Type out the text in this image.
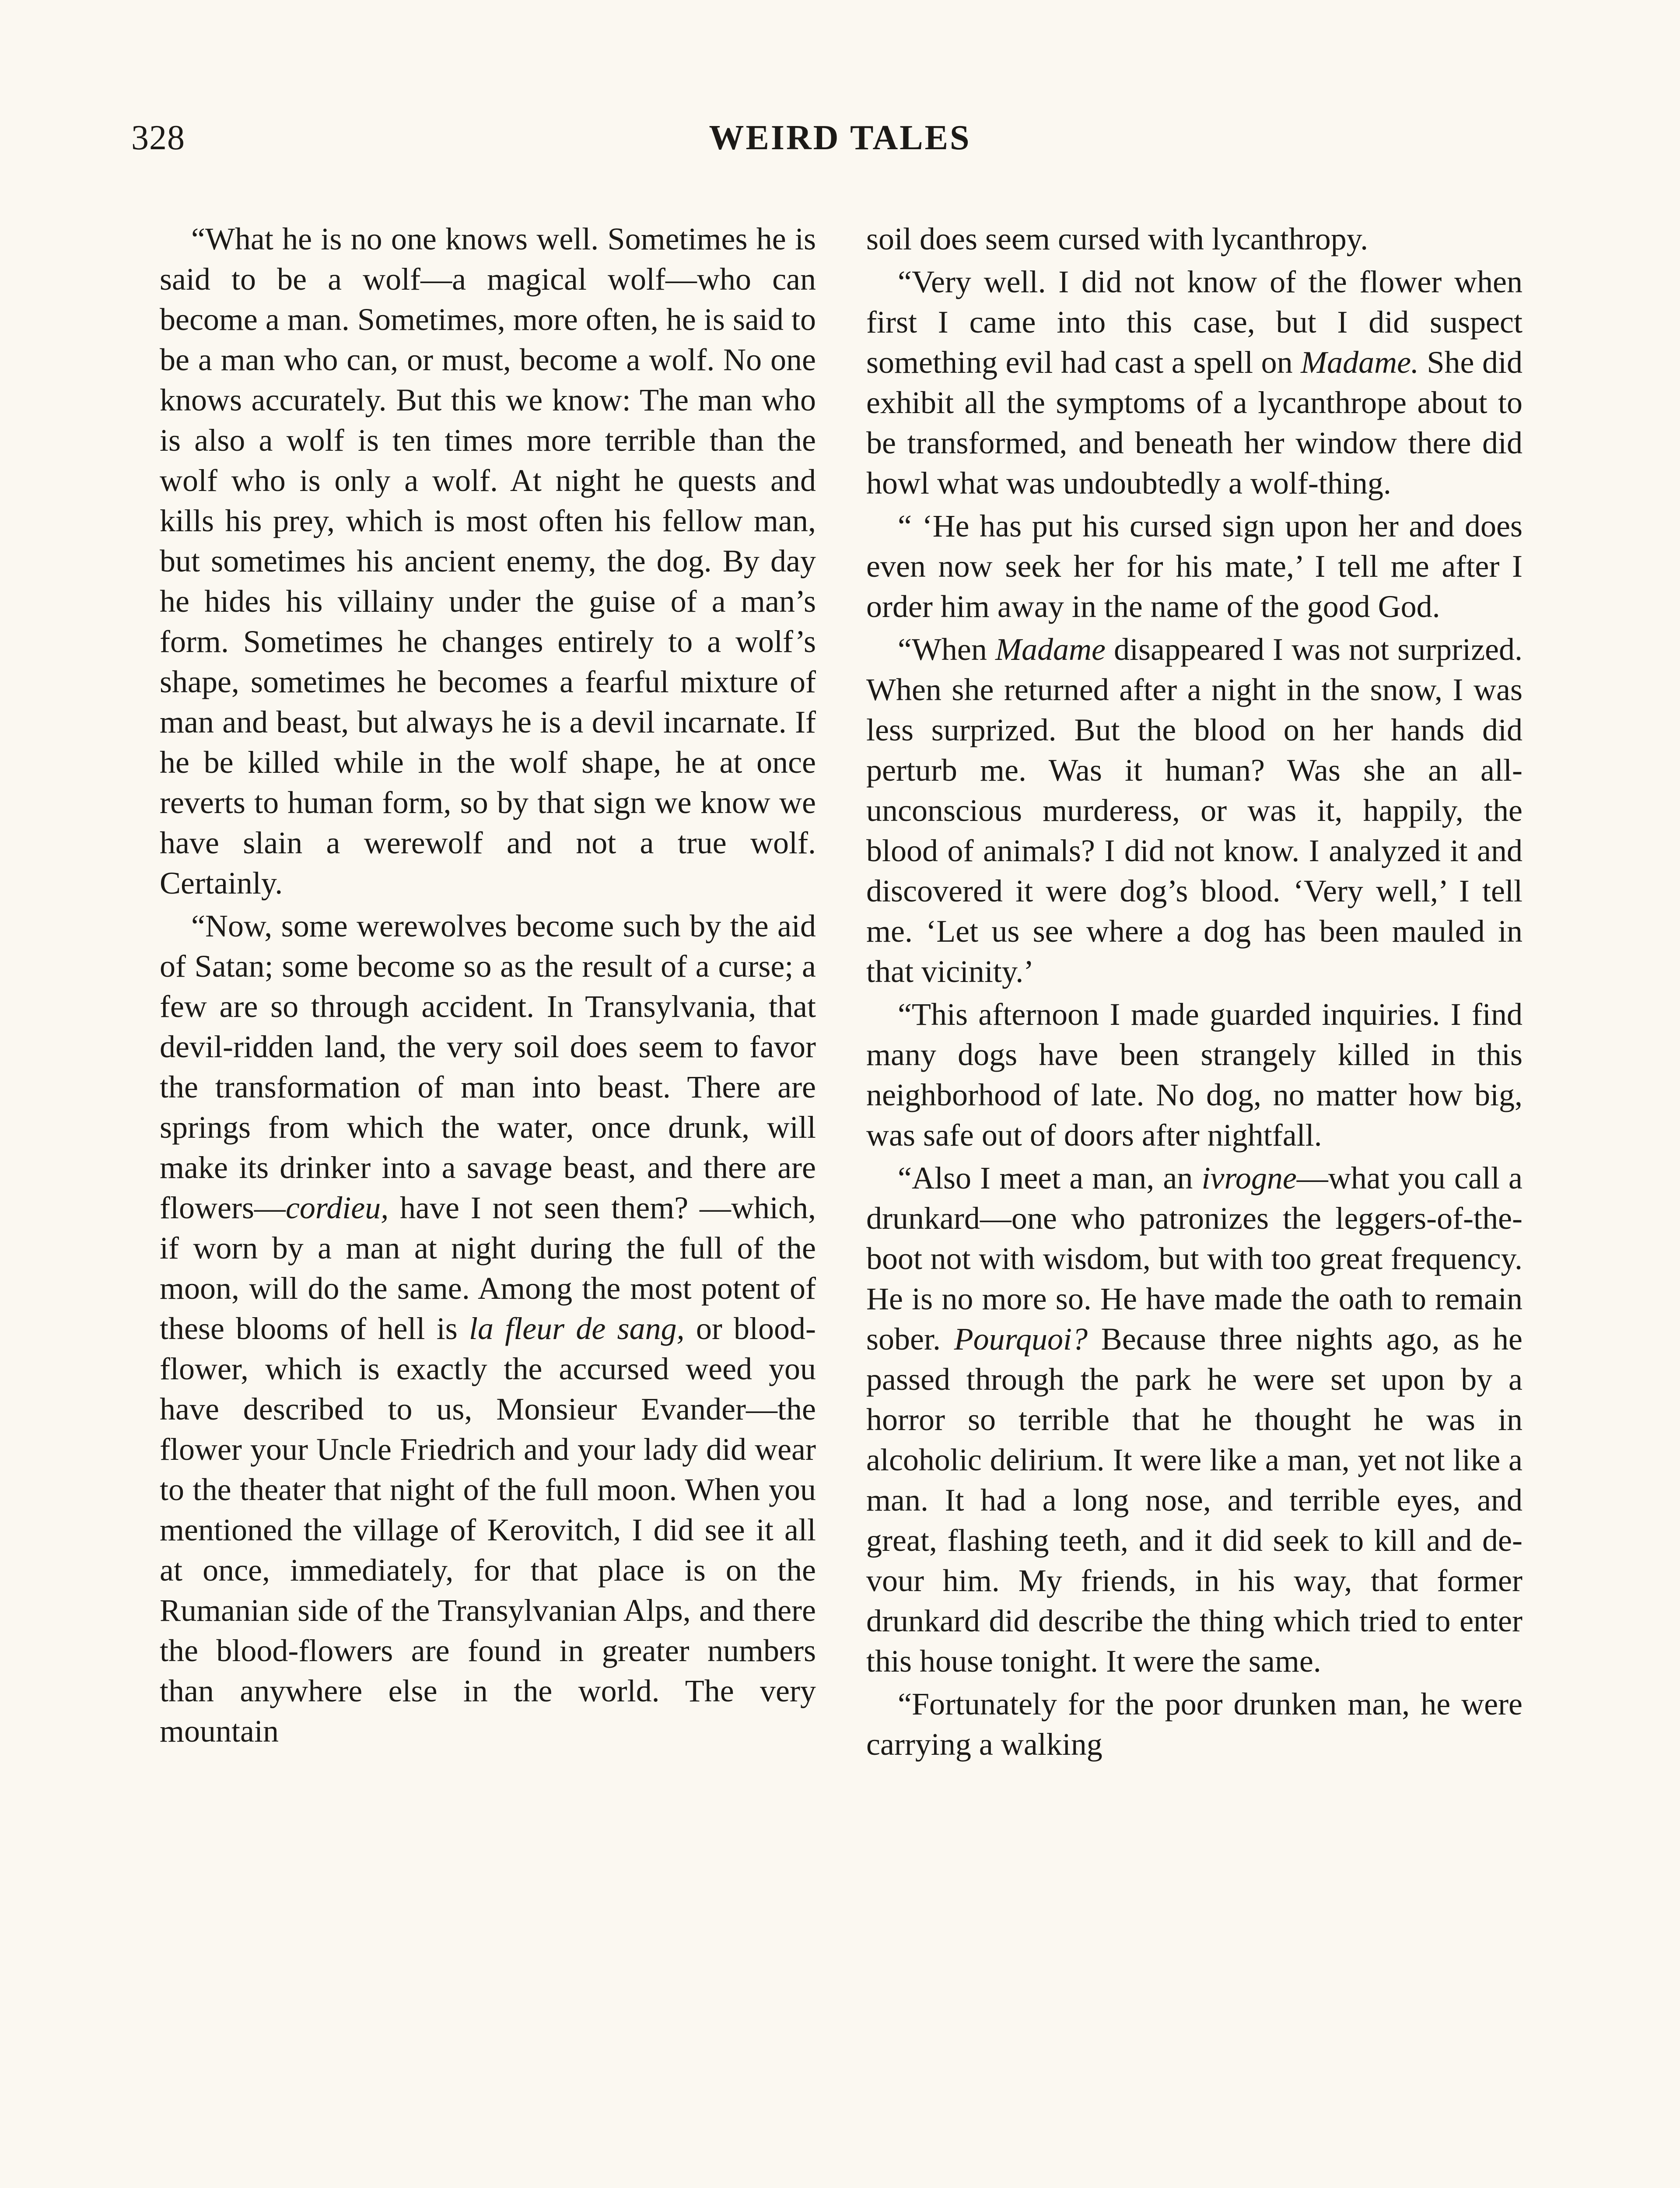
328	WEIRD TALES

“What he is no one knows well. Sometimes he is said to be a wolf—a magical wolf—who can become a man. Sometimes, more often, he is said to be a man who can, or must, become a wolf. No one knows accurately. But this we know: The man who is also a wolf is ten times more terrible than the wolf who is only a wolf. At night he quests and kills his prey, which is most often his fellow man, but sometimes his ancient enemy, the dog. By day he hides his villainy under the guise of a man’s form. Sometimes he changes entirely to a wolf’s shape, sometimes he becomes a fearful mixture of man and beast, but always he is a devil incarnate. If he be killed while in the wolf shape, he at once reverts to human form, so by that sign we know we have slain a werewolf and not a true wolf. Certainly.

“Now, some werewolves become such by the aid of Satan; some become so as the result of a curse; a few are so through accident. In Transylvania, that devil-ridden land, the very soil does seem to favor the transformation of man into beast. There are springs from which the water, once drunk, will make its drinker into a savage beast, and there are flowers—cordieu, have I not seen them? —which, if worn by a man at night during the full of the moon, will do the same. Among the most potent of these blooms of hell is la fleur de sang, or blood-flower, which is exactly the accursed weed you have described to us, Monsieur Evander—the flower your Uncle Friedrich and your lady did wear to the theater that night of the full moon. When you mentioned the village of Kerovitch, I did see it all at once, immediately, for that place is on the Rumanian side of the Transylvanian Alps, and there the blood-flowers are found in greater numbers than anywhere else in the world. The very mountain

soil does seem cursed with lycanthropy.

“Very well. I did not know of the flower when first I came into this case, but I did suspect something evil had cast a spell on Madame. She did exhibit all the symptoms of a lycanthrope about to be transformed, and beneath her window there did howl what was undoubtedly a wolf-thing.

“ ‘He has put his cursed sign upon her and does even now seek her for his mate,’ I tell me after I order him away in the name of the good God.

“When Madame disappeared I was not surprized. When she returned after a night in the snow, I was less surprized. But the blood on her hands did perturb me. Was it human? Was she an all-unconscious murderess, or was it, happily, the blood of animals? I did not know. I analyzed it and discovered it were dog’s blood. ‘Very well,’ I tell me. ‘Let us see where a dog has been mauled in that vicinity.’

“This afternoon I made guarded inquiries. I find many dogs have been strangely killed in this neighborhood of late. No dog, no matter how big, was safe out of doors after nightfall.

“Also I meet a man, an ivrogne—what you call a drunkard—one who patronizes the leggers-of-the-boot not with wisdom, but with too great frequency. He is no more so. He have made the oath to remain sober. Pourquoi? Because three nights ago, as he passed through the park he were set upon by a horror so terrible that he thought he was in alcoholic delirium. It were like a man, yet not like a man. It had a long nose, and terrible eyes, and great, flashing teeth, and it did seek to kill and devour him. My friends, in his way, that former drunkard did describe the thing which tried to enter this house tonight. It were the same.

“Fortunately for the poor drunken man, he were carrying a walking
